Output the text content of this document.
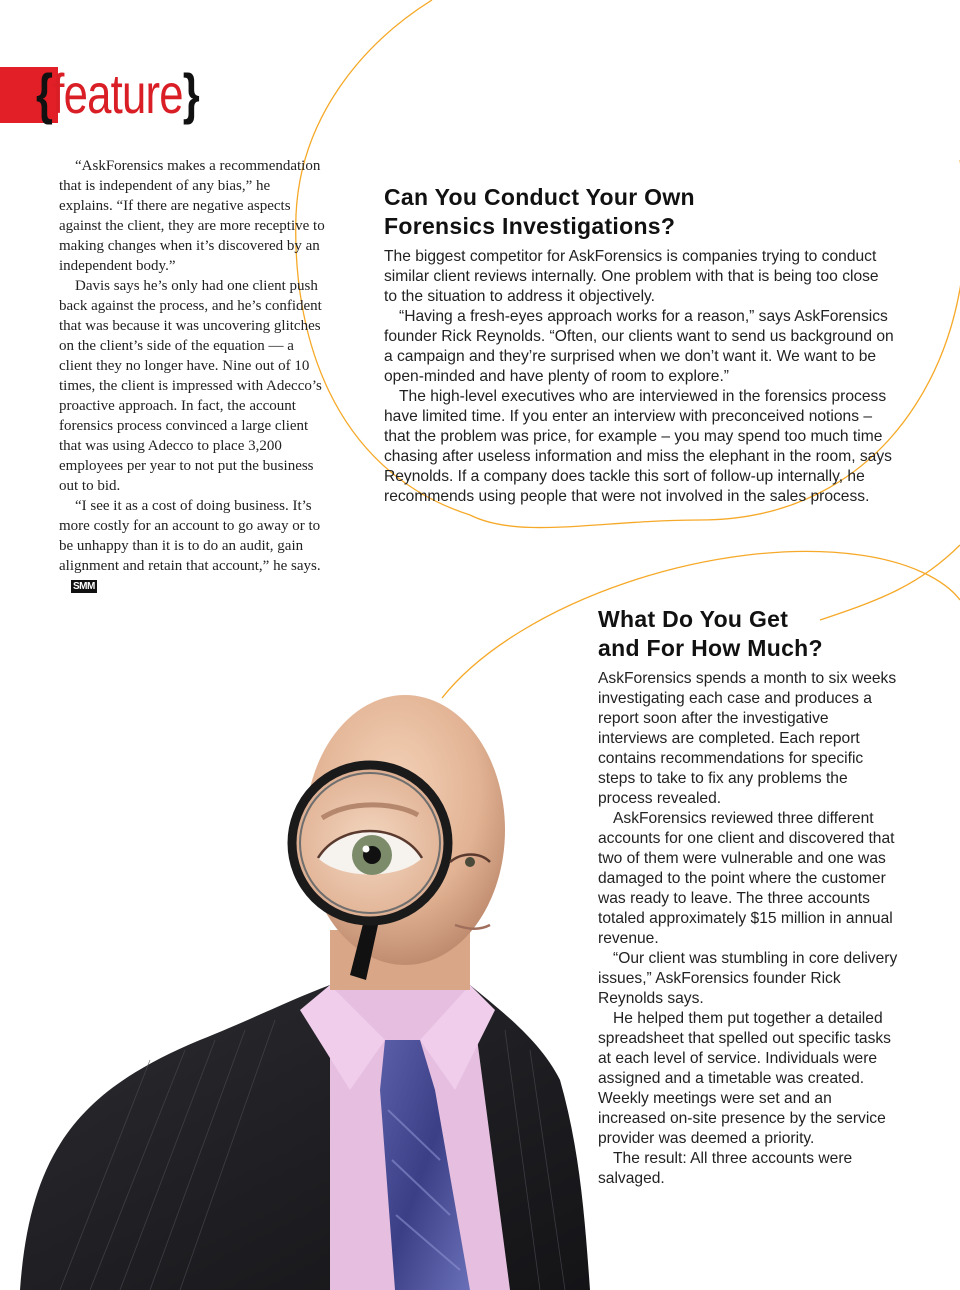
{feature}

“AskForensics makes a recommendation that is independent of any bias,” he explains. “If there are negative aspects against the client, they are more receptive to making changes when it’s discovered by an independent body.”

Davis says he’s only had one client push back against the process, and he’s confident that was because it was uncovering glitches on the client’s side of the equation — a client they no longer have. Nine out of 10 times, the client is impressed with Adecco’s proactive approach. In fact, the account forensics process convinced a large client that was using Adecco to place 3,200 employees per year to not put the business out to bid.

“I see it as a cost of doing business. It’s more costly for an account to go away or to be unhappy than it is to do an audit, gain alignment and retain that account,” he says.SMM

Can You Conduct Your Own
Forensics Investigations?

The biggest competitor for AskForensics is companies trying to conduct similar client reviews internally. One problem with that is being too close to the situation to address it objectively.

“Having a fresh-eyes approach works for a reason,” says AskForensics founder Rick Reynolds. “Often, our clients want to send us background on a campaign and they’re surprised when we don’t want it. We want to be open-minded and have plenty of room to explore.”

The high-level executives who are interviewed in the forensics process have limited time. If you enter an interview with preconceived notions – that the problem was price, for example – you may spend too much time chasing after useless information and miss the elephant in the room, says Reynolds. If a company does tackle this sort of follow-up internally, he recommends using people that were not involved in the sales process.

What Do You Get
and For How Much?

AskForensics spends a month to six weeks investigating each case and produces a report soon after the investigative interviews are completed. Each report contains recommendations for specific steps to take to fix any problems the process revealed.

AskForensics reviewed three different accounts for one client and discovered that two of them were vulnerable and one was damaged to the point where the customer was ready to leave. The three accounts totaled approximately $15 million in annual revenue.

“Our client was stumbling in core delivery issues,” AskForensics founder Rick Reynolds says.

He helped them put together a detailed spreadsheet that spelled out specific tasks at each level of service. Individuals were assigned and a timetable was created. Weekly meetings were set and an increased on-site presence by the service provider was deemed a priority.

The result: All three accounts were salvaged.
